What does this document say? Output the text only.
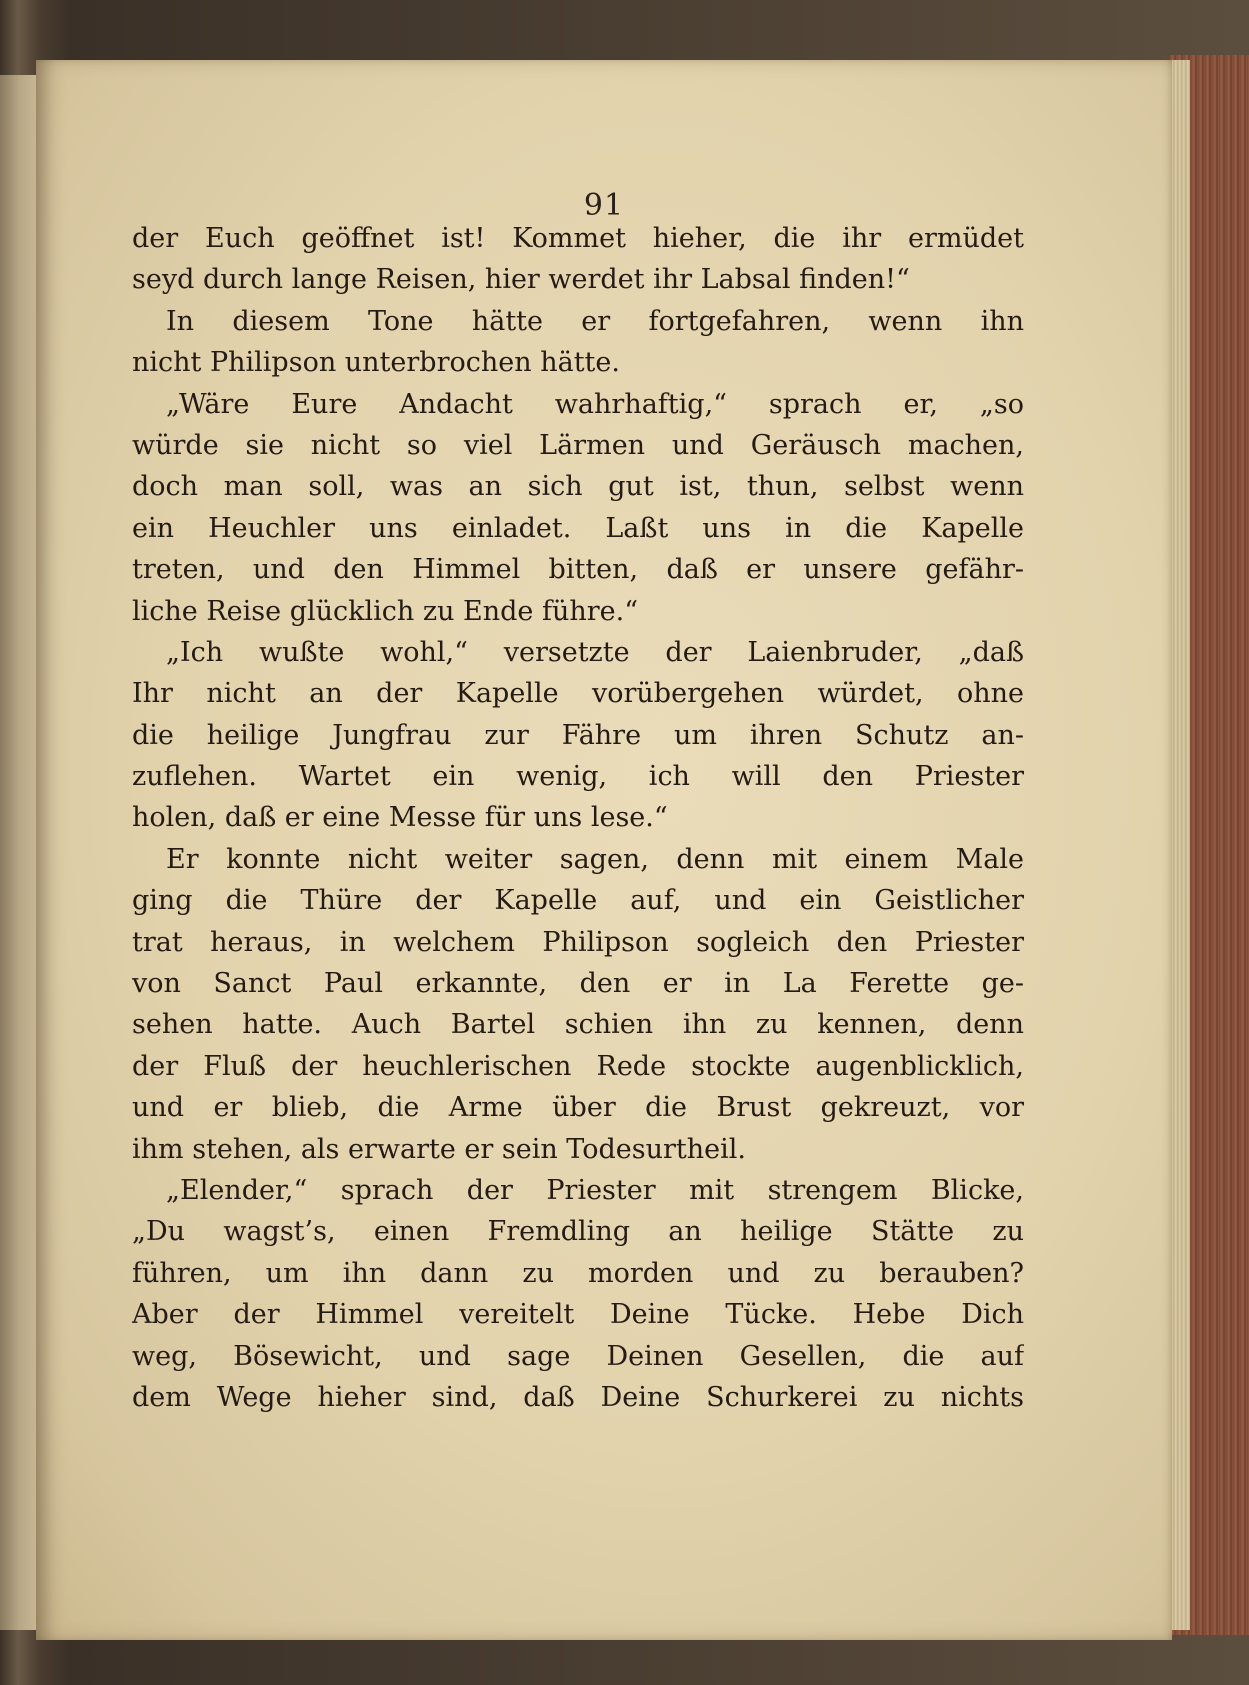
91
der Euch geöffnet ist! Kommet hieher, die ihr ermüdet
seyd durch lange Reisen, hier werdet ihr Labsal finden!“
In diesem Tone hätte er fortgefahren, wenn ihn
nicht Philipson unterbrochen hätte.
„Wäre Eure Andacht wahrhaftig,“ sprach er, „so
würde sie nicht so viel Lärmen und Geräusch machen,
doch man soll, was an sich gut ist, thun, selbst wenn
ein Heuchler uns einladet. Laßt uns in die Kapelle
treten, und den Himmel bitten, daß er unsere gefähr-
liche Reise glücklich zu Ende führe.“
„Ich wußte wohl,“ versetzte der Laienbruder, „daß
Ihr nicht an der Kapelle vorübergehen würdet, ohne
die heilige Jungfrau zur Fähre um ihren Schutz an-
zuflehen. Wartet ein wenig, ich will den Priester
holen, daß er eine Messe für uns lese.“
Er konnte nicht weiter sagen, denn mit einem Male
ging die Thüre der Kapelle auf, und ein Geistlicher
trat heraus, in welchem Philipson sogleich den Priester
von Sanct Paul erkannte, den er in La Ferette ge-
sehen hatte. Auch Bartel schien ihn zu kennen, denn
der Fluß der heuchlerischen Rede stockte augenblicklich,
und er blieb, die Arme über die Brust gekreuzt, vor
ihm stehen, als erwarte er sein Todesurtheil.
„Elender,“ sprach der Priester mit strengem Blicke,
„Du wagst’s, einen Fremdling an heilige Stätte zu
führen, um ihn dann zu morden und zu berauben?
Aber der Himmel vereitelt Deine Tücke. Hebe Dich
weg, Bösewicht, und sage Deinen Gesellen, die auf
dem Wege hieher sind, daß Deine Schurkerei zu nichts
